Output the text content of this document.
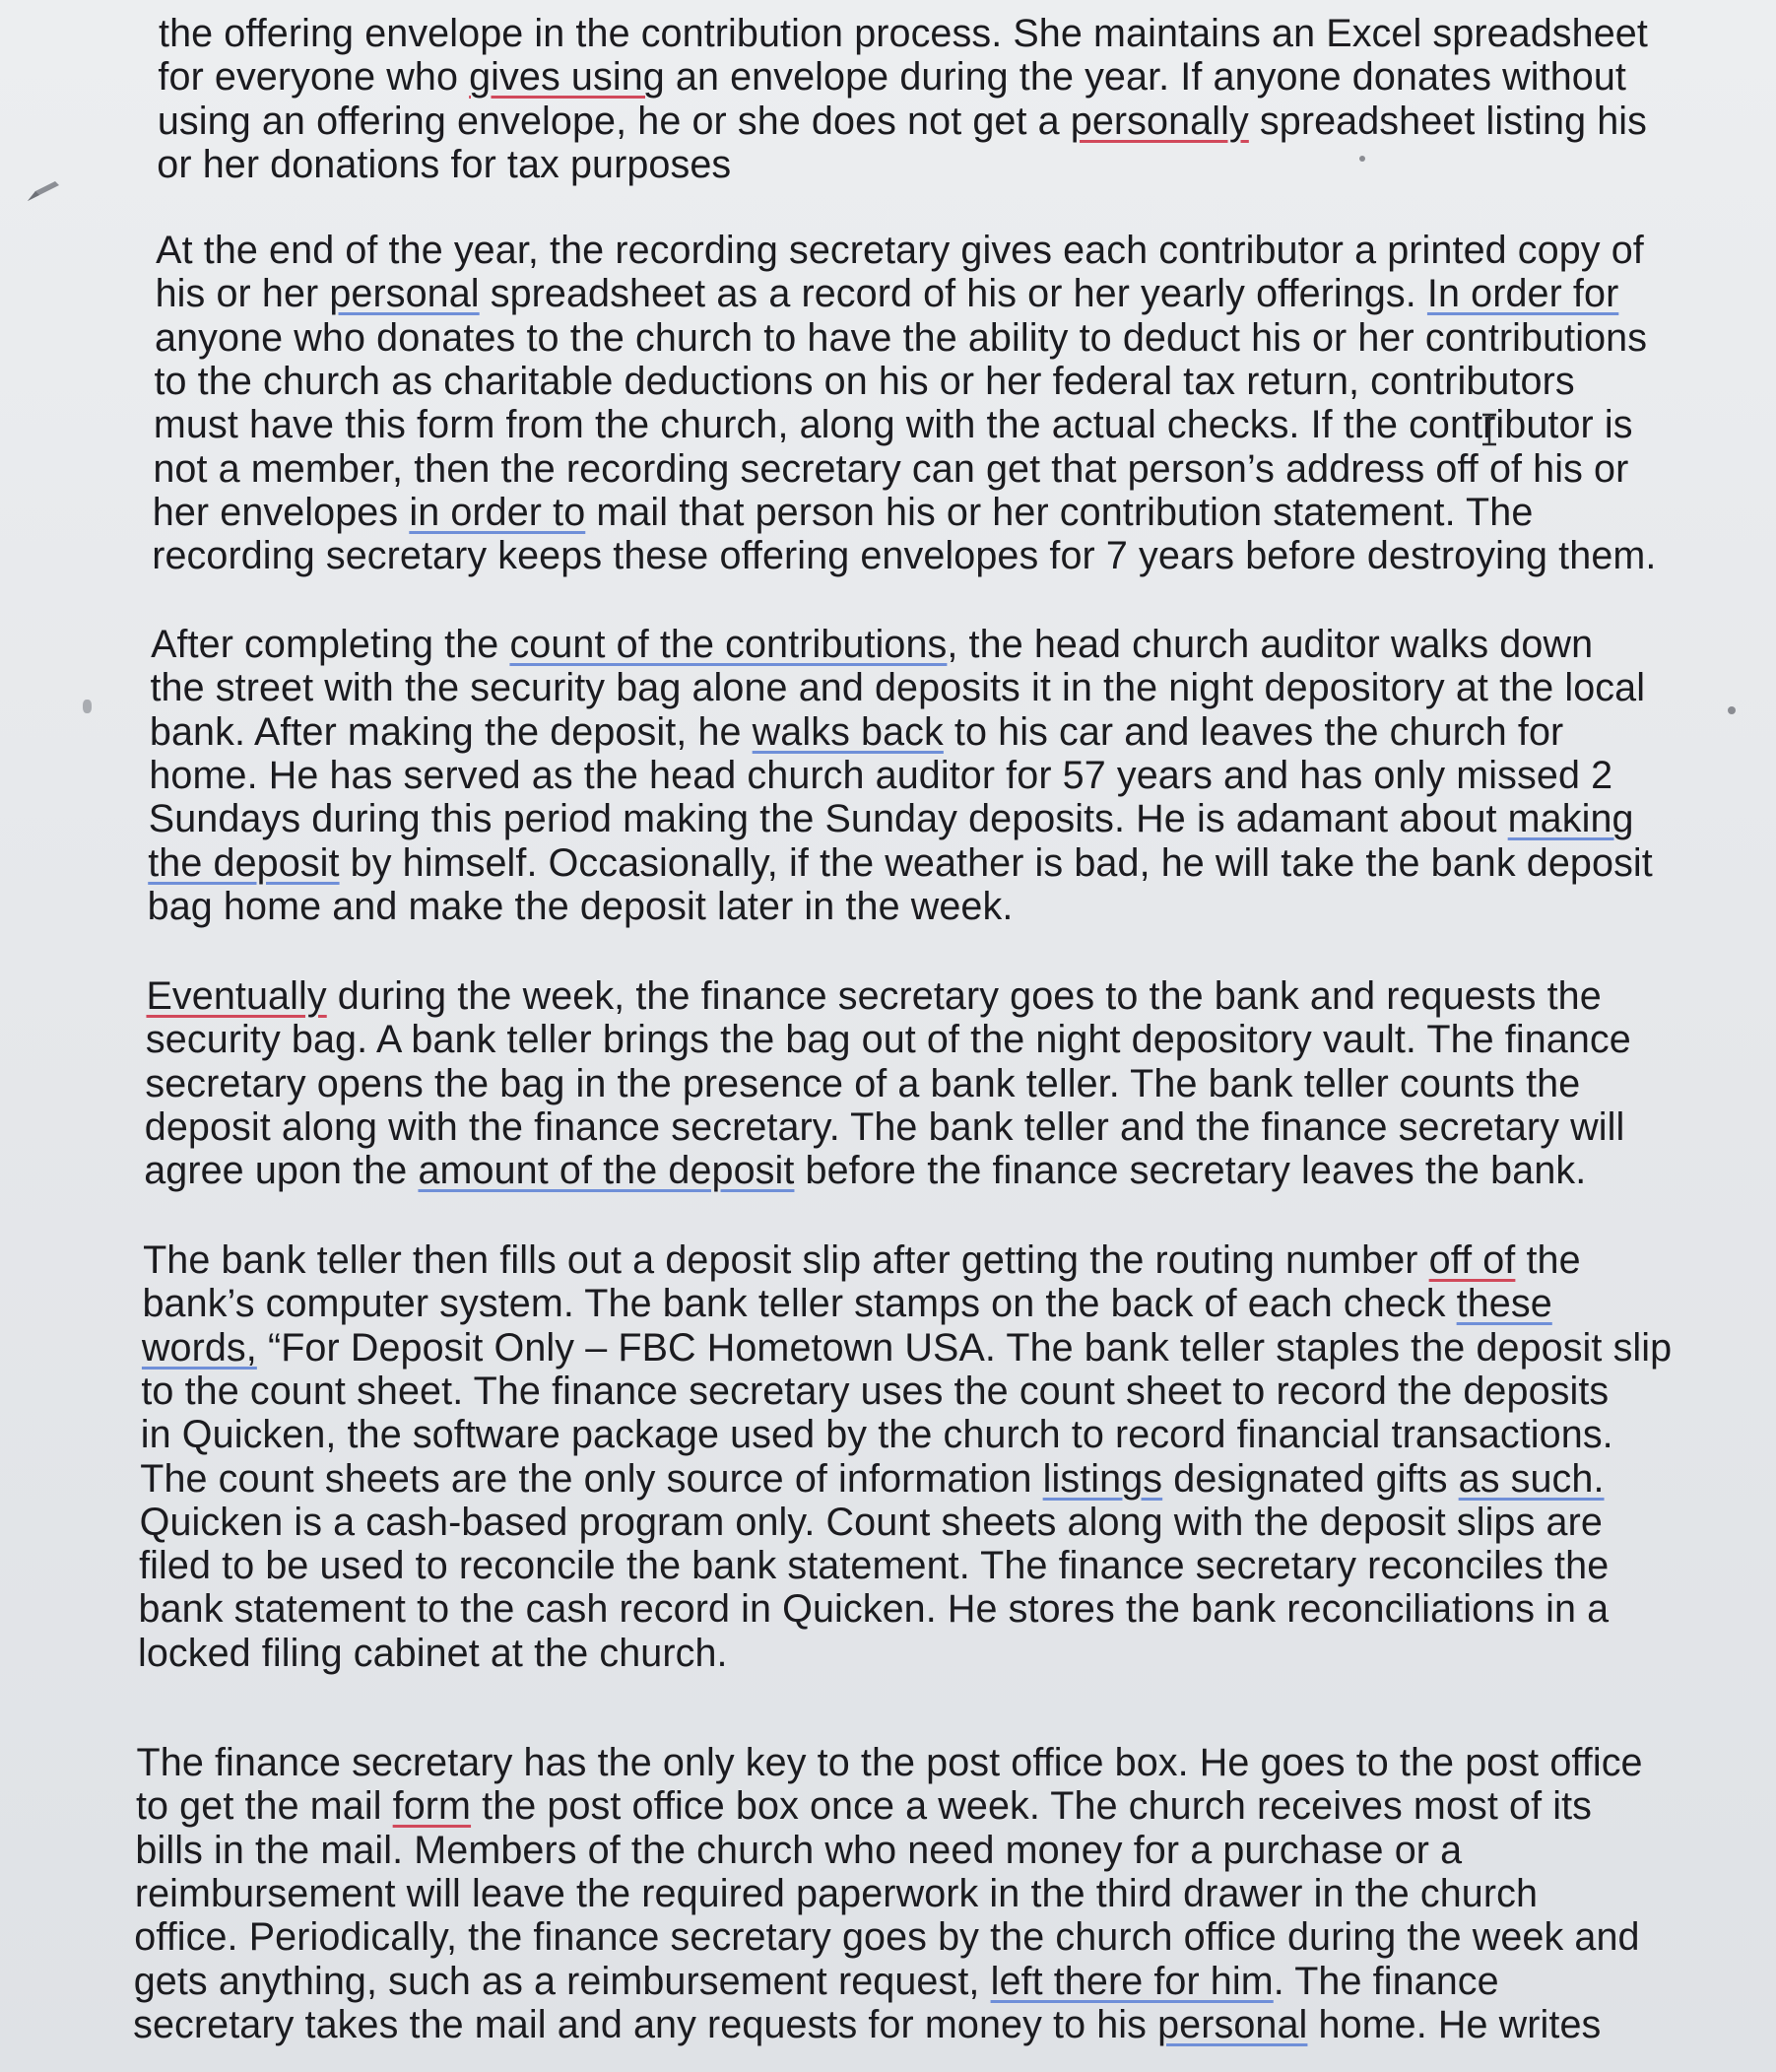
the offering envelope in the contribution process. She maintains an Excel spreadsheet
for everyone who gives using an envelope during the year. If anyone donates without
using an offering envelope, he or she does not get a personally spreadsheet listing his
or her donations for tax purposes
At the end of the year, the recording secretary gives each contributor a printed copy of
his or her personal spreadsheet as a record of his or her yearly offerings. In order for
anyone who donates to the church to have the ability to deduct his or her contributions
to the church as charitable deductions on his or her federal tax return, contributors
must have this form from the church, along with the actual checks. If the contributor is
not a member, then the recording secretary can get that person’s address off of his or
her envelopes in order to mail that person his or her contribution statement. The
recording secretary keeps these offering envelopes for 7 years before destroying them.
After completing the count of the contributions, the head church auditor walks down
the street with the security bag alone and deposits it in the night depository at the local
bank. After making the deposit, he walks back to his car and leaves the church for
home. He has served as the head church auditor for 57 years and has only missed 2
Sundays during this period making the Sunday deposits. He is adamant about making
the deposit by himself. Occasionally, if the weather is bad, he will take the bank deposit
bag home and make the deposit later in the week.
Eventually during the week, the finance secretary goes to the bank and requests the
security bag. A bank teller brings the bag out of the night depository vault. The finance
secretary opens the bag in the presence of a bank teller. The bank teller counts the
deposit along with the finance secretary. The bank teller and the finance secretary will
agree upon the amount of the deposit before the finance secretary leaves the bank.
The bank teller then fills out a deposit slip after getting the routing number off of the
bank’s computer system. The bank teller stamps on the back of each check these
words, “For Deposit Only – FBC Hometown USA. The bank teller staples the deposit slip
to the count sheet. The finance secretary uses the count sheet to record the deposits
in Quicken, the software package used by the church to record financial transactions.
The count sheets are the only source of information listings designated gifts as such.
Quicken is a cash-based program only. Count sheets along with the deposit slips are
filed to be used to reconcile the bank statement. The finance secretary reconciles the
bank statement to the cash record in Quicken. He stores the bank reconciliations in a
locked filing cabinet at the church.
The finance secretary has the only key to the post office box. He goes to the post office
to get the mail form the post office box once a week. The church receives most of its
bills in the mail. Members of the church who need money for a purchase or a
reimbursement will leave the required paperwork in the third drawer in the church
office. Periodically, the finance secretary goes by the church office during the week and
gets anything, such as a reimbursement request, left there for him. The finance
secretary takes the mail and any requests for money to his personal home. He writes
